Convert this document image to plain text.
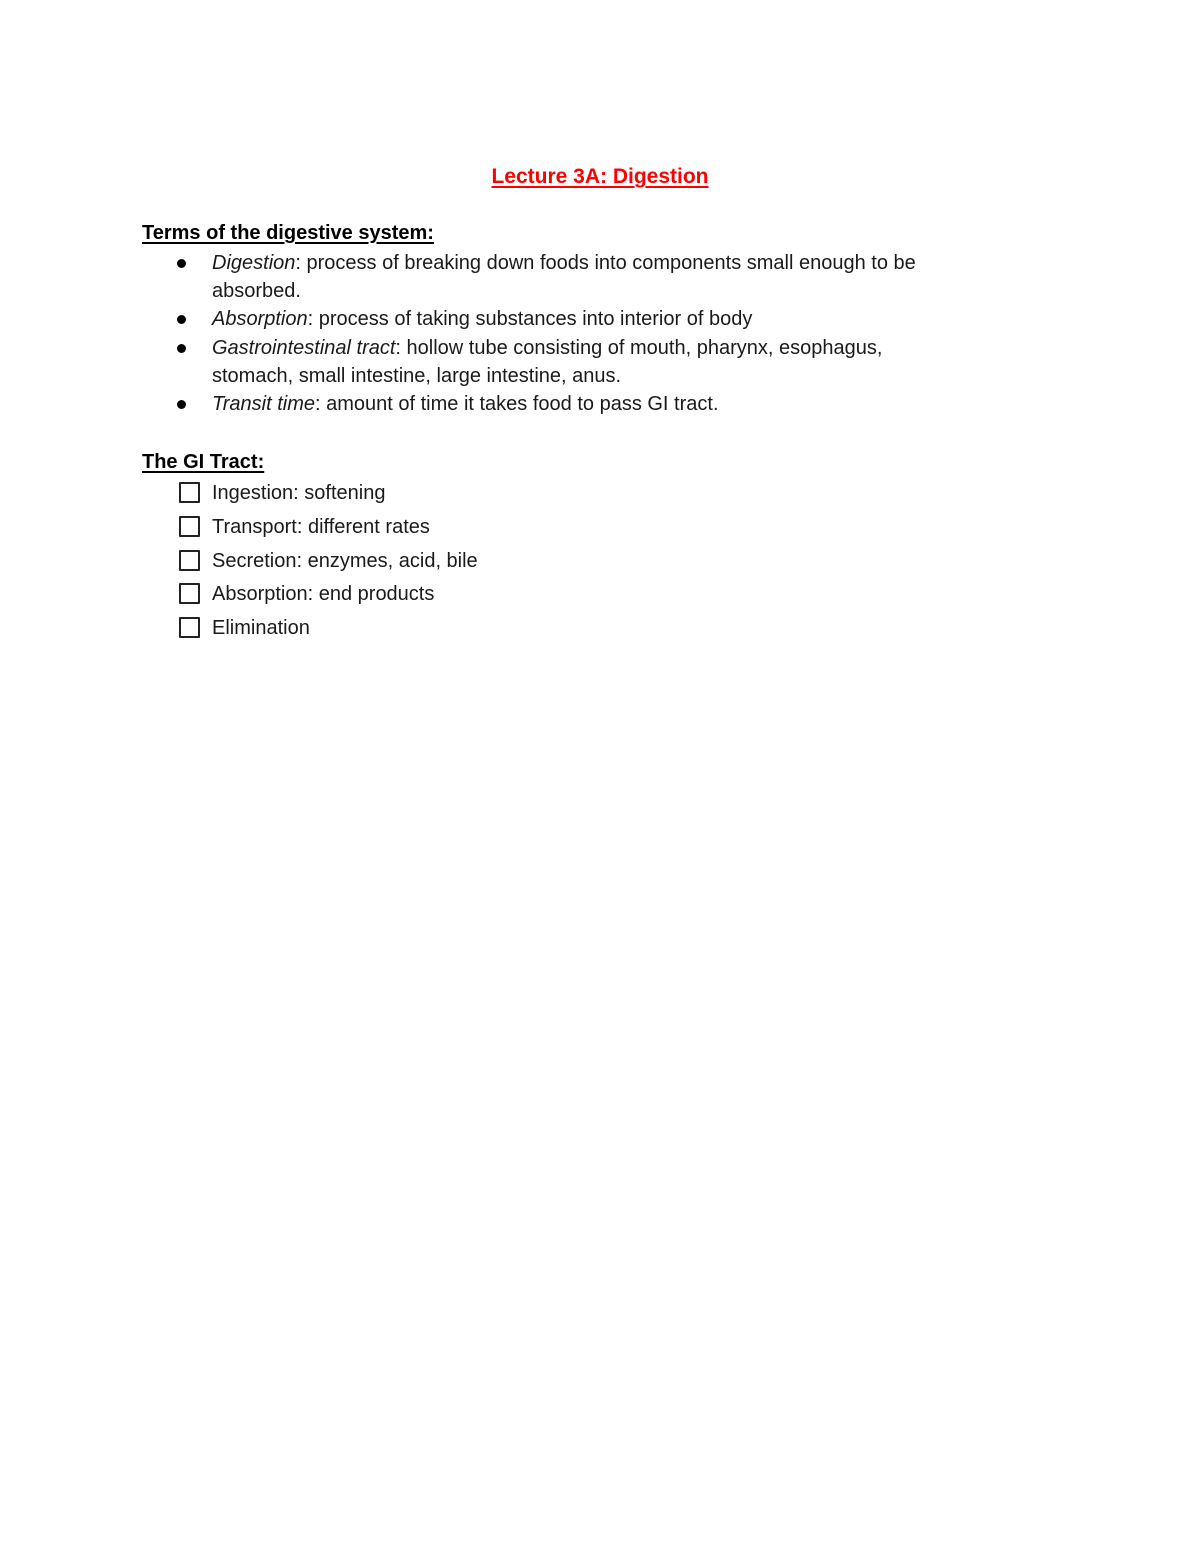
Lecture 3A: Digestion
Terms of the digestive system:
Digestion: process of breaking down foods into components small enough to be absorbed.
Absorption: process of taking substances into interior of body
Gastrointestinal tract: hollow tube consisting of mouth, pharynx, esophagus, stomach, small intestine, large intestine, anus.
Transit time: amount of time it takes food to pass GI tract.
The GI Tract:
Ingestion: softening
Transport: different rates
Secretion: enzymes, acid, bile
Absorption: end products
Elimination
